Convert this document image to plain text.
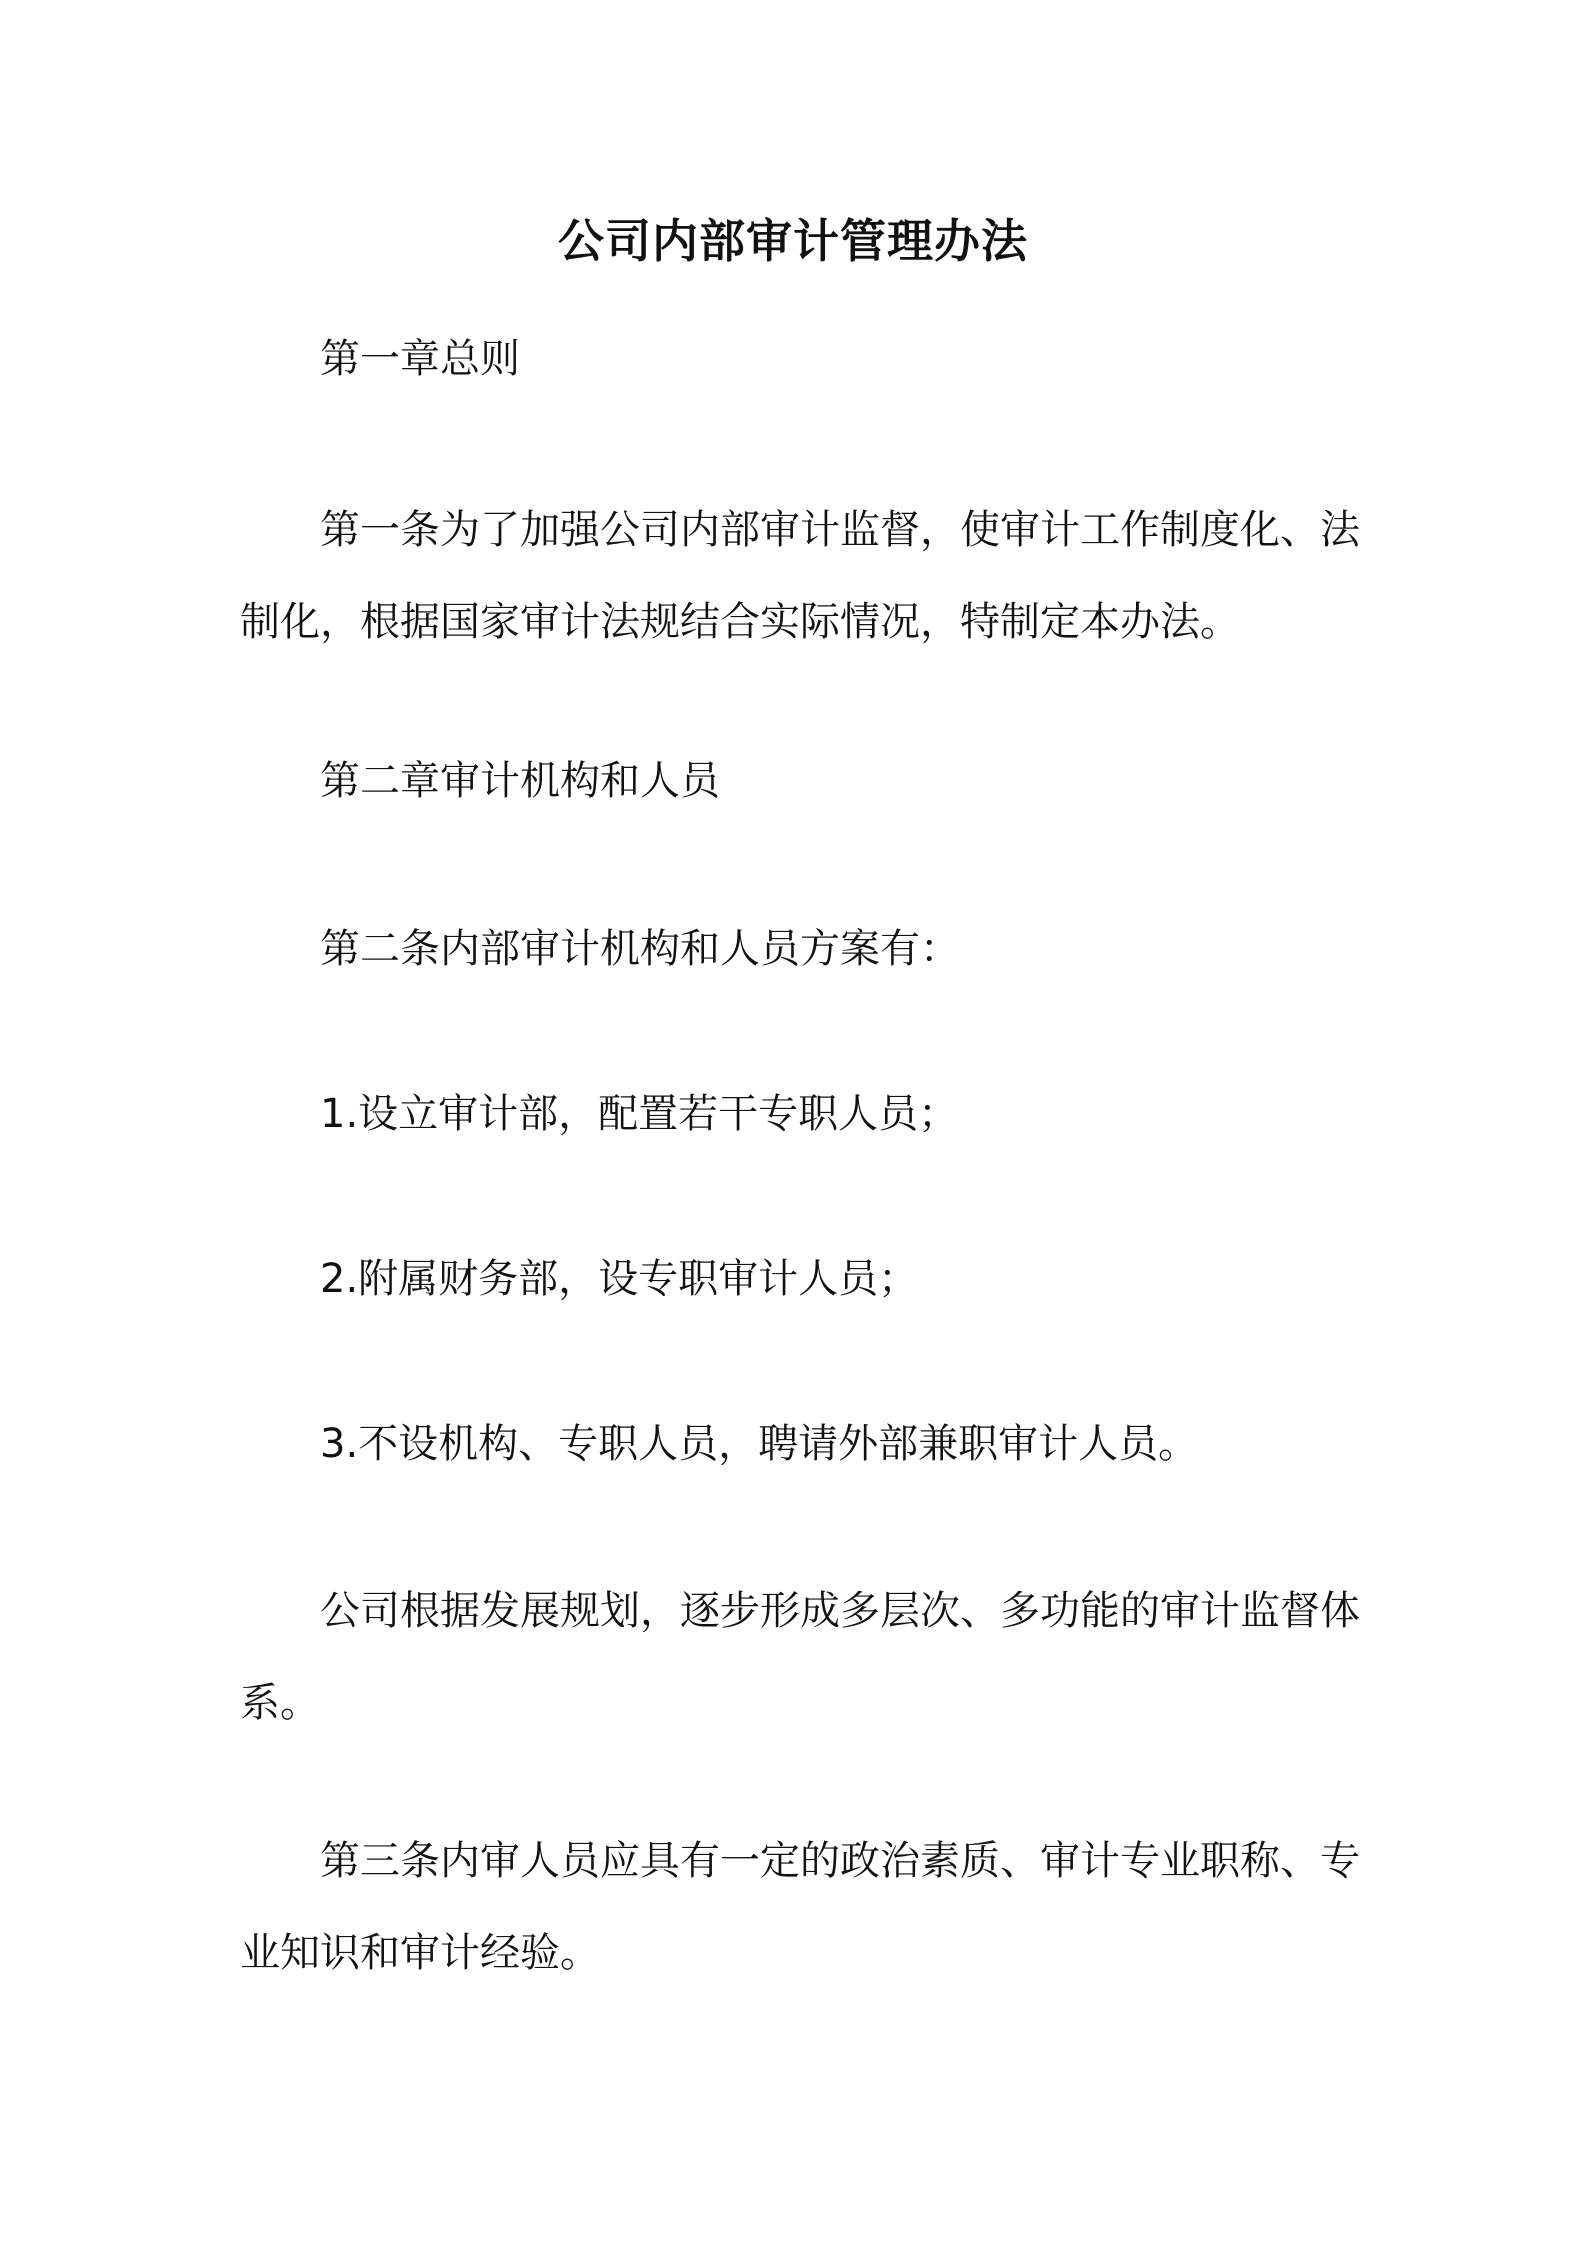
公司内部审计管理办法

第一章总则

第一条为了加强公司内部审计监督，使审计工作制度化、法制化，根据国家审计法规结合实际情况，特制定本办法。

第二章审计机构和人员

第二条内部审计机构和人员方案有：

1.设立审计部，配置若干专职人员；

2.附属财务部，设专职审计人员；

3.不设机构、专职人员，聘请外部兼职审计人员。

公司根据发展规划，逐步形成多层次、多功能的审计监督体系。

第三条内审人员应具有一定的政治素质、审计专业职称、专业知识和审计经验。
